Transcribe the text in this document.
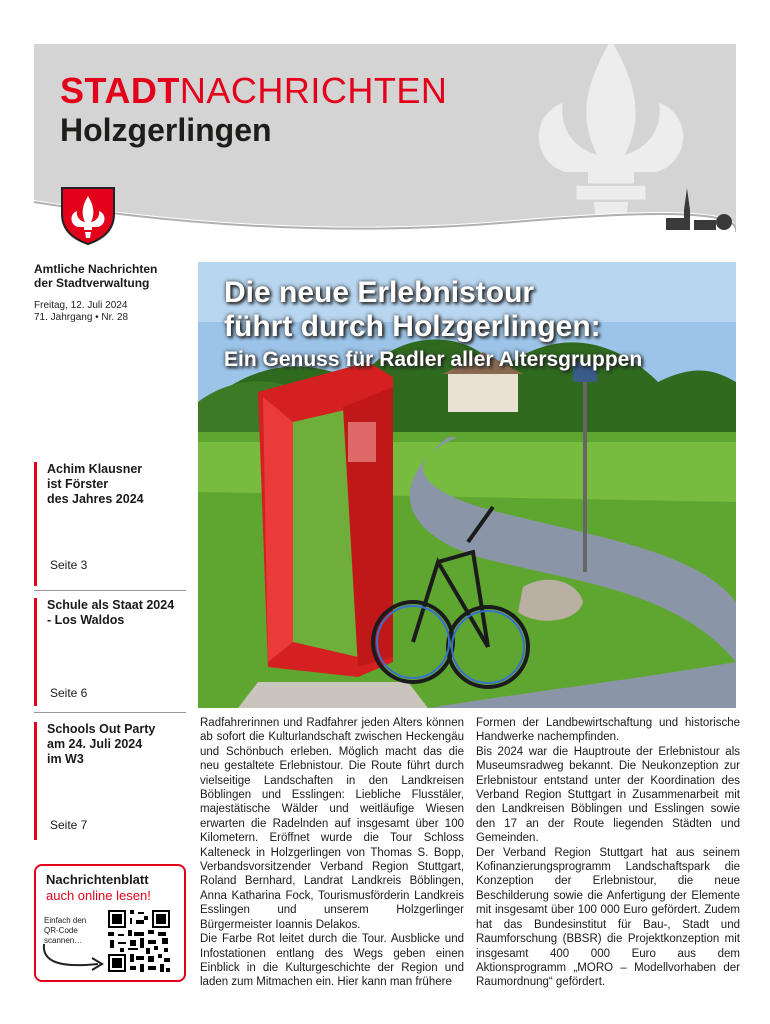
STADTNACHRICHTEN
Holzgerlingen
Amtliche Nachrichten
der Stadtverwaltung
Freitag, 12. Juli 2024
71. Jahrgang • Nr. 28
Die neue Erlebnistour
führt durch Holzgerlingen:
Ein Genuss für Radler aller Altersgruppen
Achim Klausner
ist Förster
des Jahres 2024
Seite 3
Schule als Staat 2024
- Los Waldos
Seite 6
Schools Out Party
am 24. Juli 2024
im W3
Seite 7
Nachrichtenblatt
auch online lesen!
Einfach den
QR-Code
scannen…

Radfahrerinnen und Radfahrer jeden Alters können ab sofort die Kulturlandschaft zwischen Heckengäu und Schönbuch erleben. Möglich macht das die neu gestaltete Erlebnistour. Die Route führt durch vielseitige Landschaften in den Landkreisen Böblingen und Esslingen: Liebliche Flusstäler, majestätische Wälder und weitläufige Wiesen erwarten die Radelnden auf insgesamt über 100 Kilometern. Eröffnet wurde die Tour Schloss Kalteneck in Holzgerlingen von Thomas S. Bopp, Verbandsvorsitzender Verband Region Stuttgart, Roland Bernhard, Landrat Landkreis Böblingen, Anna Katharina Fock, Tourismusförderin Landkreis Esslingen und unserem Holzgerlinger Bürgermeister Ioannis Delakos.

Die Farbe Rot leitet durch die Tour. Ausblicke und Infostationen entlang des Wegs geben einen Einblick in die Kulturgeschichte der Region und laden zum Mitmachen ein. Hier kann man frühere

Formen der Landbewirtschaftung und historische Handwerke nachempfinden.

Bis 2024 war die Hauptroute der Erlebnistour als Museumsradweg bekannt. Die Neukonzeption zur Erlebnistour entstand unter der Koordination des Verband Region Stuttgart in Zusammenarbeit mit den Landkreisen Böblingen und Esslingen sowie den 17 an der Route liegenden Städten und Gemeinden.

Der Verband Region Stuttgart hat aus seinem Kofinanzierungsprogramm Landschaftspark die Konzeption der Erlebnistour, die neue Beschilderung sowie die Anfertigung der Elemente mit insgesamt über 100 000 Euro gefördert. Zudem hat das Bundesinstitut für Bau-, Stadt und Raumforschung (BBSR) die Projektkonzeption mit insgesamt 400 000 Euro aus dem Aktionsprogramm „MORO – Modellvorhaben der Raumordnung“ gefördert.
